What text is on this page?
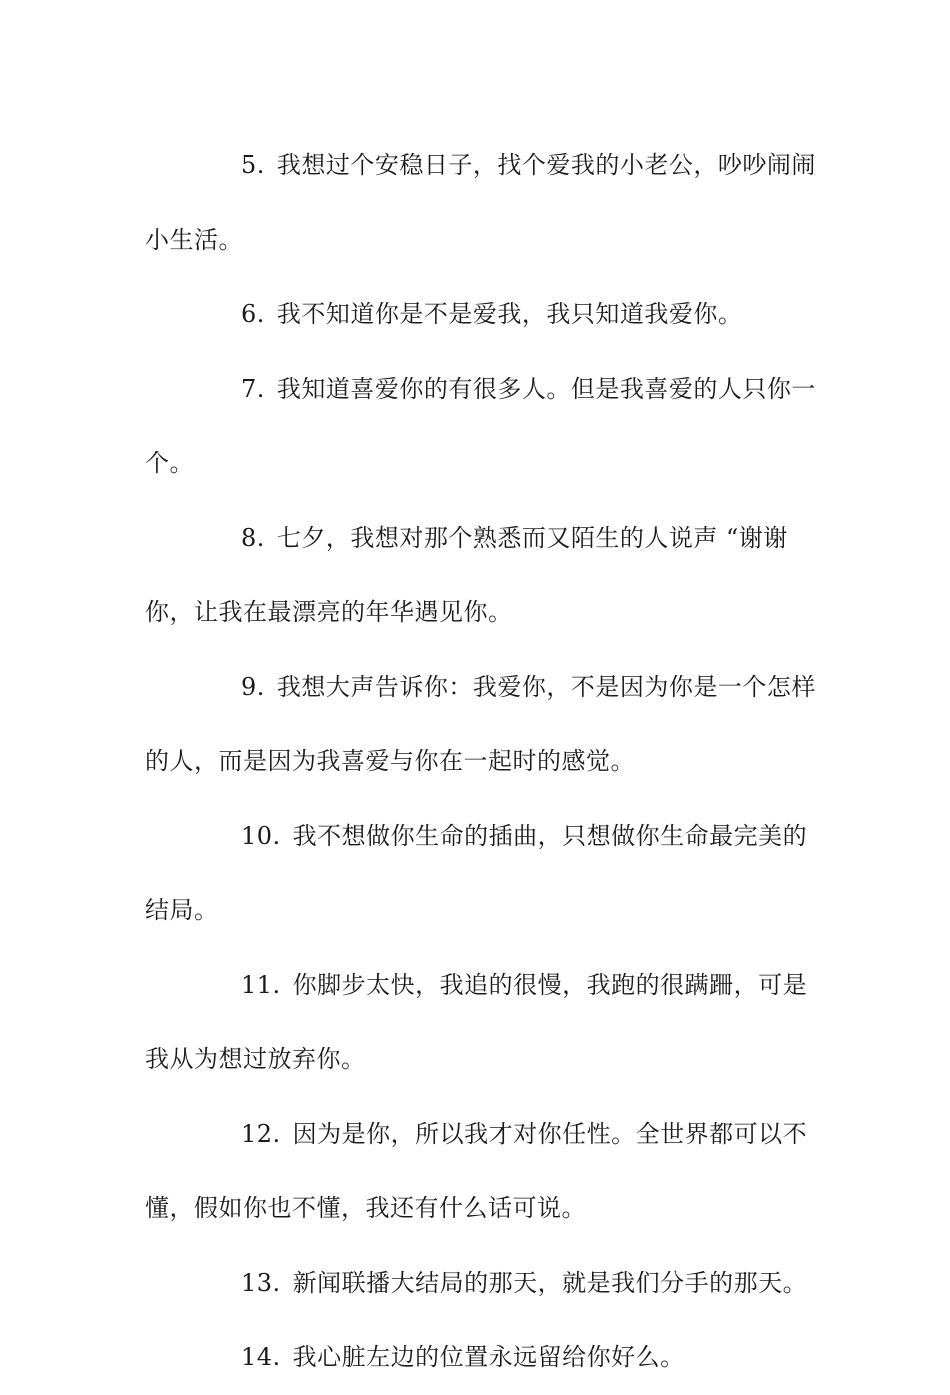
5. 我想过个安稳日子，找个爱我的小老公，吵吵闹闹小生活。

6. 我不知道你是不是爱我，我只知道我爱你。

7. 我知道喜爱你的有很多人。但是我喜爱的人只你一个。

8. 七夕，我想对那个熟悉而又陌生的人说声 “谢谢你，让我在最漂亮的年华遇见你。

9. 我想大声告诉你：我爱你，不是因为你是一个怎样的人，而是因为我喜爱与你在一起时的感觉。

10. 我不想做你生命的插曲，只想做你生命最完美的结局。

11. 你脚步太快，我追的很慢，我跑的很蹒跚，可是我从为想过放弃你。

12. 因为是你，所以我才对你任性。全世界都可以不懂，假如你也不懂，我还有什么话可说。

13. 新闻联播大结局的那天，就是我们分手的那天。

14. 我心脏左边的位置永远留给你好么。
